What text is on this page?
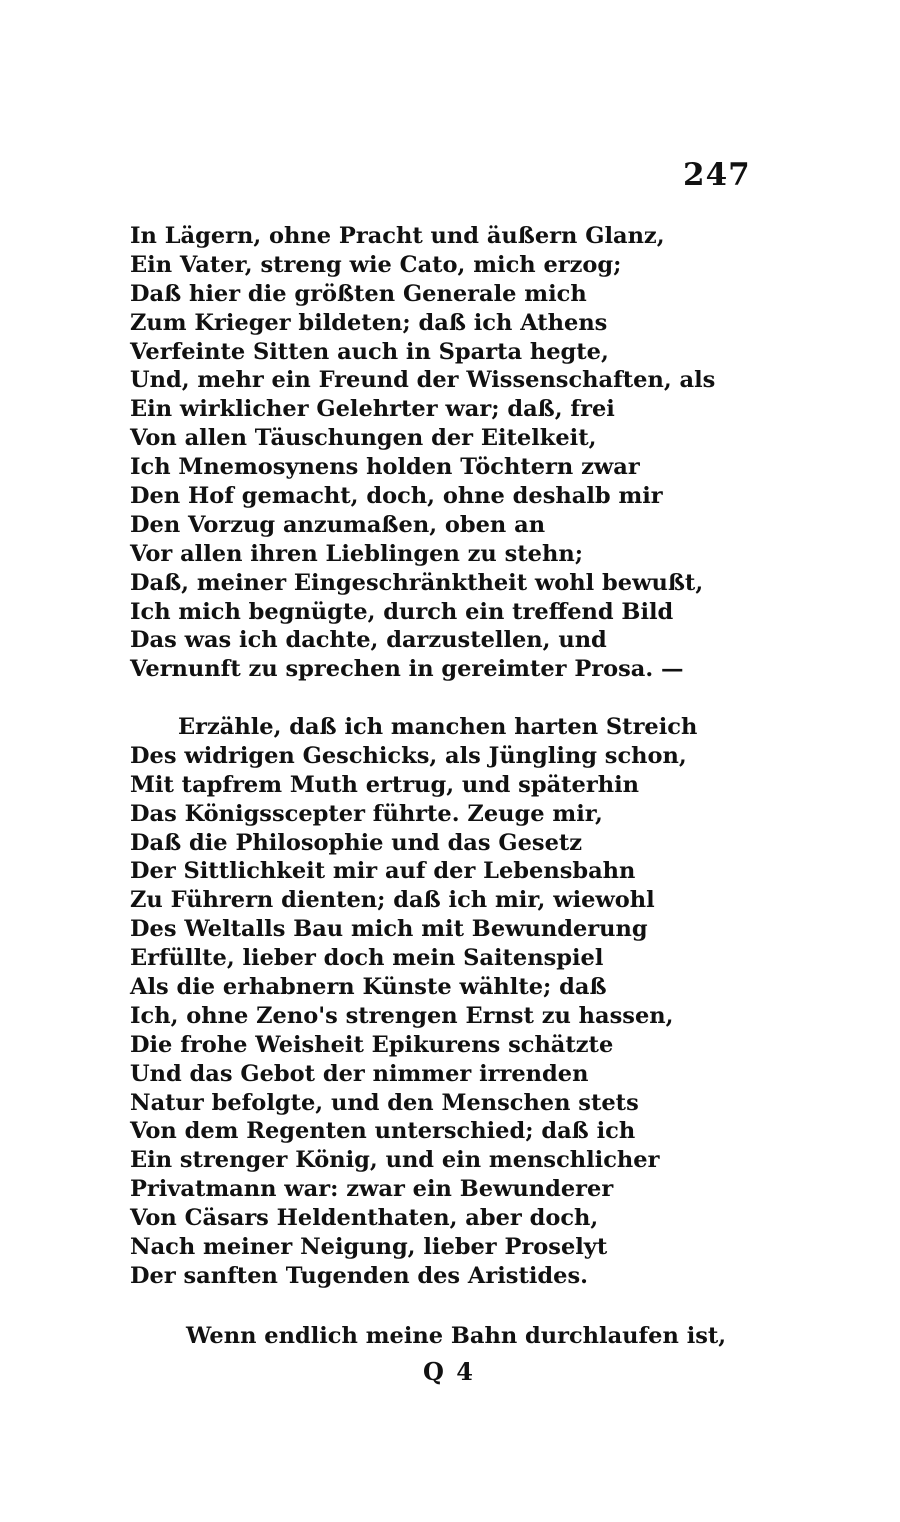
247
In Lägern, ohne Pracht und äußern Glanz,
Ein Vater, streng wie Cato, mich erzog;
Daß hier die größten Generale mich
Zum Krieger bildeten; daß ich Athens
Verfeinte Sitten auch in Sparta hegte,
Und, mehr ein Freund der Wissenschaften, als
Ein wirklicher Gelehrter war; daß, frei
Von allen Täuschungen der Eitelkeit,
Ich Mnemosynens holden Töchtern zwar
Den Hof gemacht, doch, ohne deshalb mir
Den Vorzug anzumaßen, oben an
Vor allen ihren Lieblingen zu stehn;
Daß, meiner Eingeschränktheit wohl bewußt,
Ich mich begnügte, durch ein treffend Bild
Das was ich dachte, darzustellen, und
Vernunft zu sprechen in gereimter Prosa. —
Erzähle, daß ich manchen harten Streich
Des widrigen Geschicks, als Jüngling schon,
Mit tapfrem Muth ertrug, und späterhin
Das Königsscepter führte. Zeuge mir,
Daß die Philosophie und das Gesetz
Der Sittlichkeit mir auf der Lebensbahn
Zu Führern dienten; daß ich mir, wiewohl
Des Weltalls Bau mich mit Bewunderung
Erfüllte, lieber doch mein Saitenspiel
Als die erhabnern Künste wählte; daß
Ich, ohne Zeno's strengen Ernst zu hassen,
Die frohe Weisheit Epikurens schätzte
Und das Gebot der nimmer irrenden
Natur befolgte, und den Menschen stets
Von dem Regenten unterschied; daß ich
Ein strenger König, und ein menschlicher
Privatmann war: zwar ein Bewunderer
Von Cäsars Heldenthaten, aber doch,
Nach meiner Neigung, lieber Proselyt
Der sanften Tugenden des Aristides.
Wenn endlich meine Bahn durchlaufen ist,
Q 4
